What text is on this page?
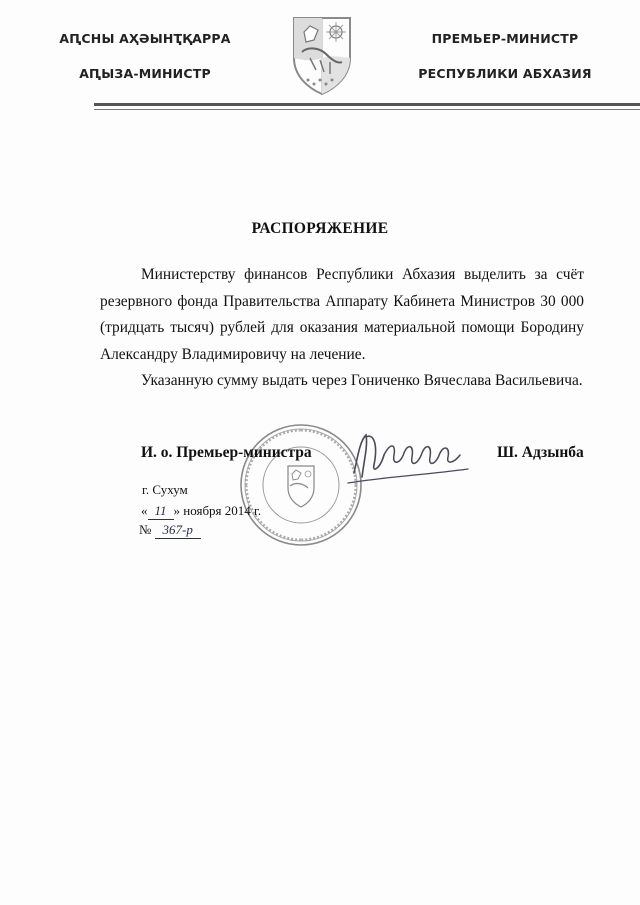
АԤСНЫ АҲӘЫНҬҚАРРА
АԤЫЗА-МИНИСТР
ПРЕМЬЕР-МИНИСТР
РЕСПУБЛИКИ АБХАЗИЯ
РАСПОРЯЖЕНИЕ

Министерству финансов Республики Абхазия выделить за счёт резервного фонда Правительства Аппарату Кабинета Министров 30 000 (тридцать тысяч) рублей для оказания материальной помощи Бородину Александру Владимировичу на лечение.

Указанную сумму выдать через Гониченко Вячеслава Васильевича.

И. о. Премьер-министра	Ш. Адзынба
г. Сухум
« 11 » ноября 2014 г.
№ 367-р
